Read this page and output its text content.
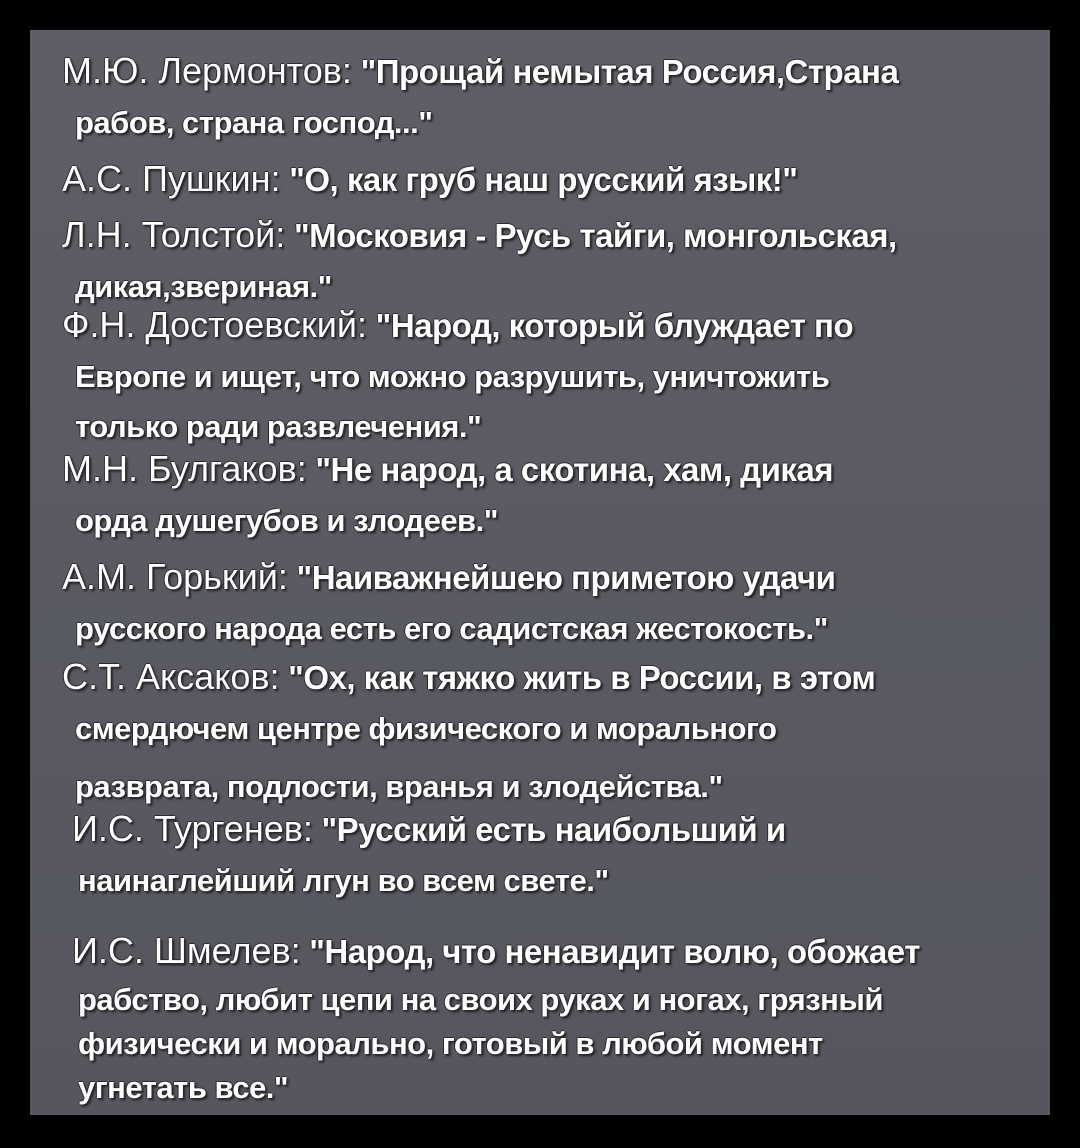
М.Ю. Лермонтов: "Прощай немытая Россия,Страна
рабов, страна господ..."
А.С. Пушкин: "О, как груб наш русский язык!"
Л.Н. Толстой: "Московия - Русь тайги, монгольская,
дикая,звериная."
Ф.Н. Достоевский: "Народ, который блуждает по
Европе и ищет, что можно разрушить, уничтожить
только ради развлечения."
М.Н. Булгаков: "Не народ, а скотина, хам, дикая
орда душегубов и злодеев."
А.М. Горький: "Наиважнейшею приметою удачи
русского народа есть его садистская жестокость."
С.Т. Аксаков: "Ох, как тяжко жить в России, в этом
смердючем центре физического и морального
разврата, подлости, вранья и злодейства."
И.С. Тургенев: "Русский есть наибольший и
наинаглейший лгун во всем свете."
И.С. Шмелев: "Народ, что ненавидит волю, обожает
рабство, любит цепи на своих руках и ногах, грязный
физически и морально, готовый в любой момент
угнетать все."
